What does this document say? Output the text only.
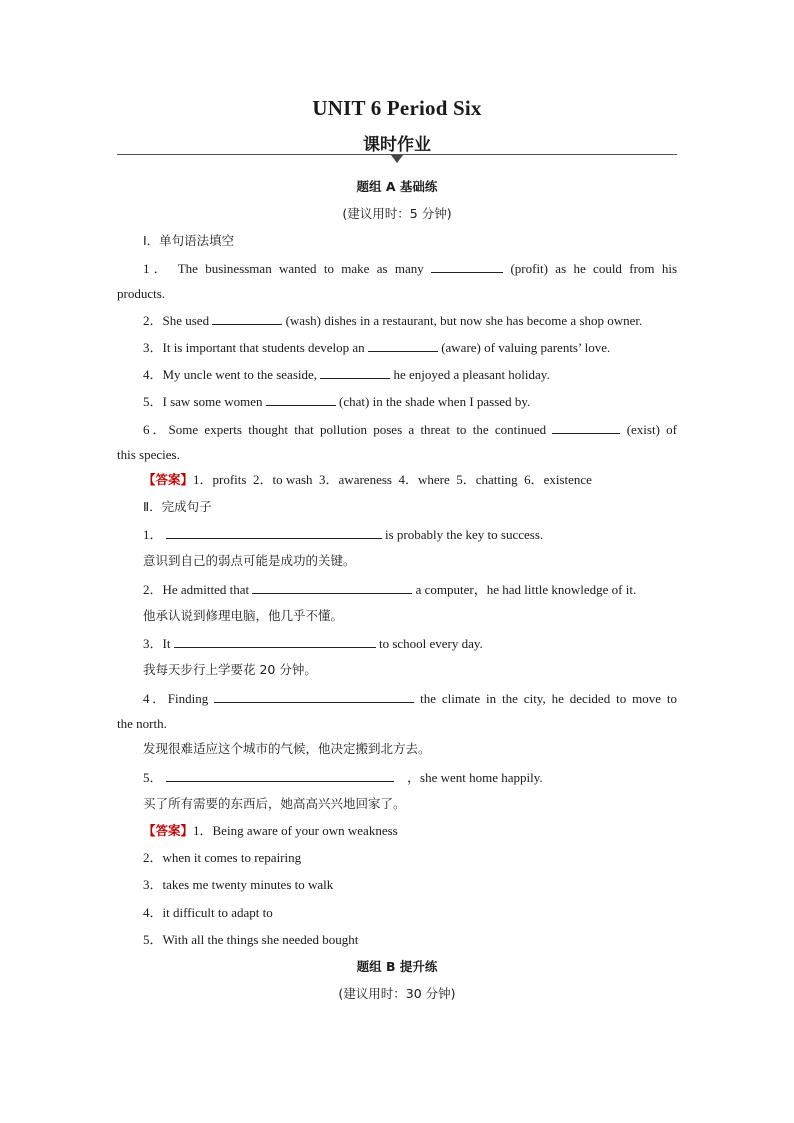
UNIT 6 Period Six
课时作业
题组 A 基础练
(建议用时：5 分钟)
Ⅰ．单句语法填空
1． The businessman wanted to make as many	(profit) as he could from his
products.
2．She used	(wash) dishes in a restaurant, but now she has become a shop owner.
3．It is important that students develop an	(aware) of valuing parents’ love.
4．My uncle went to the seaside,	he enjoyed a pleasant holiday.
5．I saw some women	(chat) in the shade when I passed by.
6．Some experts thought that pollution poses a threat to the continued	(exist) of
this species.
【答案】1．profits  2．to wash  3．awareness  4．where  5．chatting  6．existence
Ⅱ．完成句子
1．	is probably the key to success.
意识到自己的弱点可能是成功的关键。
2．He admitted that	a computer，he had little knowledge of it.
他承认说到修理电脑，他几乎不懂。
3．It	to school every day.
我每天步行上学要花 20 分钟。
4．Finding	the climate in the city, he decided to move to
the north.
发现很难适应这个城市的气候，他决定搬到北方去。
5．	，she went home happily.
买了所有需要的东西后，她高高兴兴地回家了。
【答案】1．Being aware of your own weakness
2．when it comes to repairing
3．takes me twenty minutes to walk
4．it difficult to adapt to
5．With all the things she needed bought
题组 B 提升练
(建议用时：30 分钟)
